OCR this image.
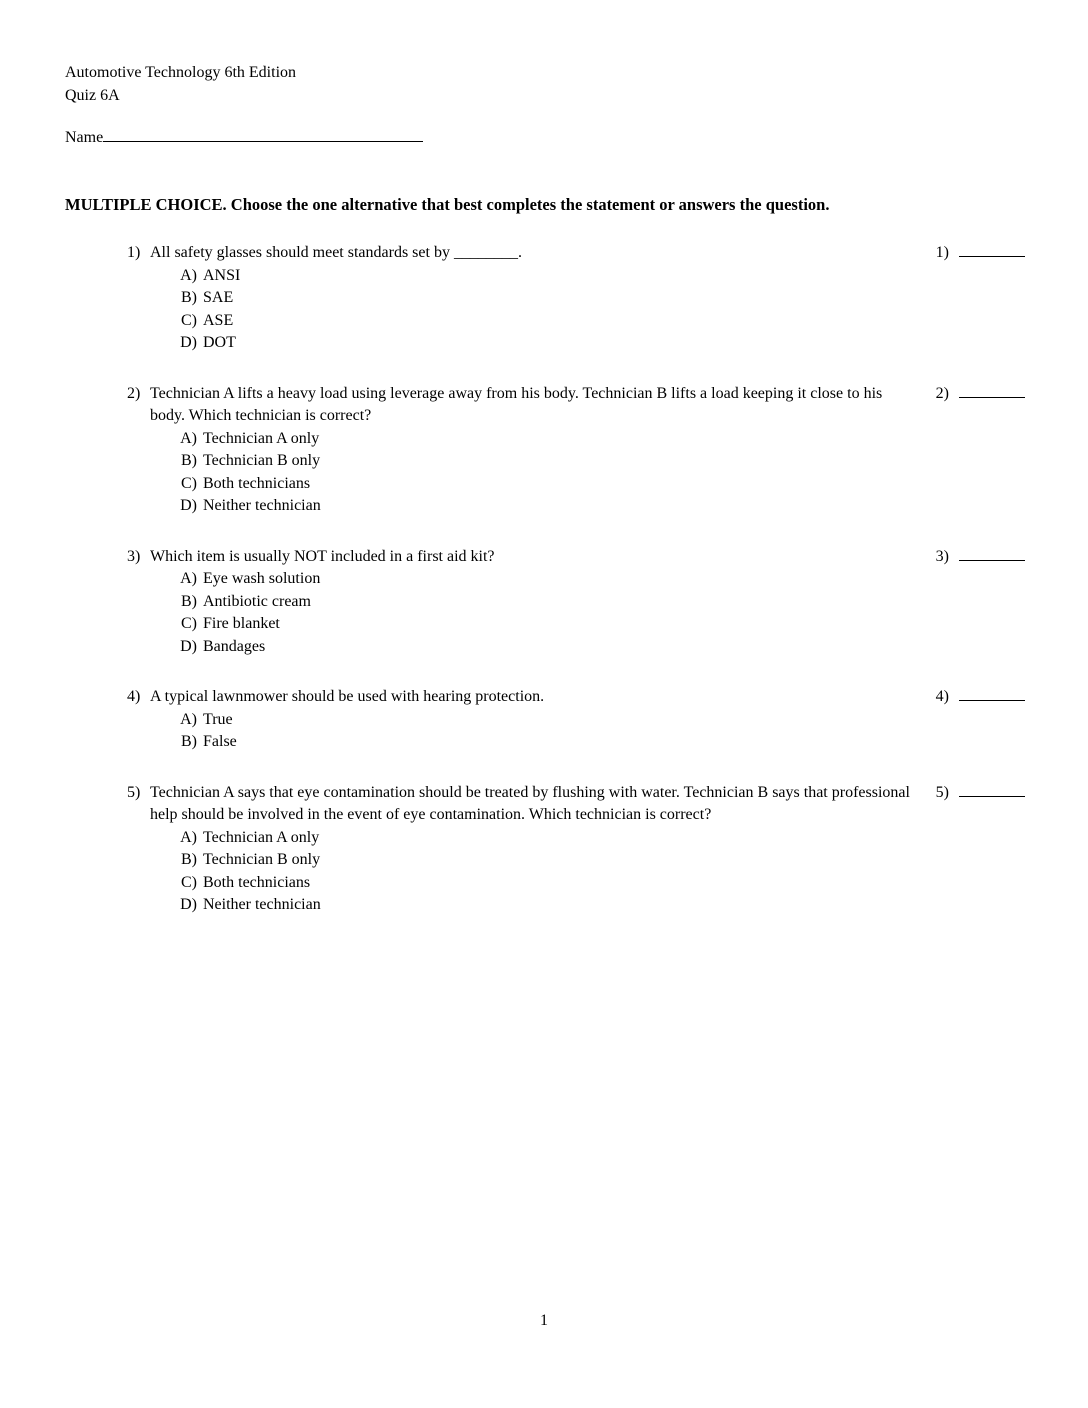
Automotive Technology 6th Edition
Quiz 6A
Name
MULTIPLE CHOICE. Choose the one alternative that best completes the statement or answers the question.
1) All safety glasses should meet standards set by ________.
A) ANSI
B) SAE
C) ASE
D) DOT
1)
2) Technician A lifts a heavy load using leverage away from his body. Technician B lifts a load keeping it close to his body. Which technician is correct?
A) Technician A only
B) Technician B only
C) Both technicians
D) Neither technician
2)
3) Which item is usually NOT included in a first aid kit?
A) Eye wash solution
B) Antibiotic cream
C) Fire blanket
D) Bandages
3)
4) A typical lawnmower should be used with hearing protection.
A) True
B) False
4)
5) Technician A says that eye contamination should be treated by flushing with water. Technician B says that professional help should be involved in the event of eye contamination. Which technician is correct?
A) Technician A only
B) Technician B only
C) Both technicians
D) Neither technician
5)
1
